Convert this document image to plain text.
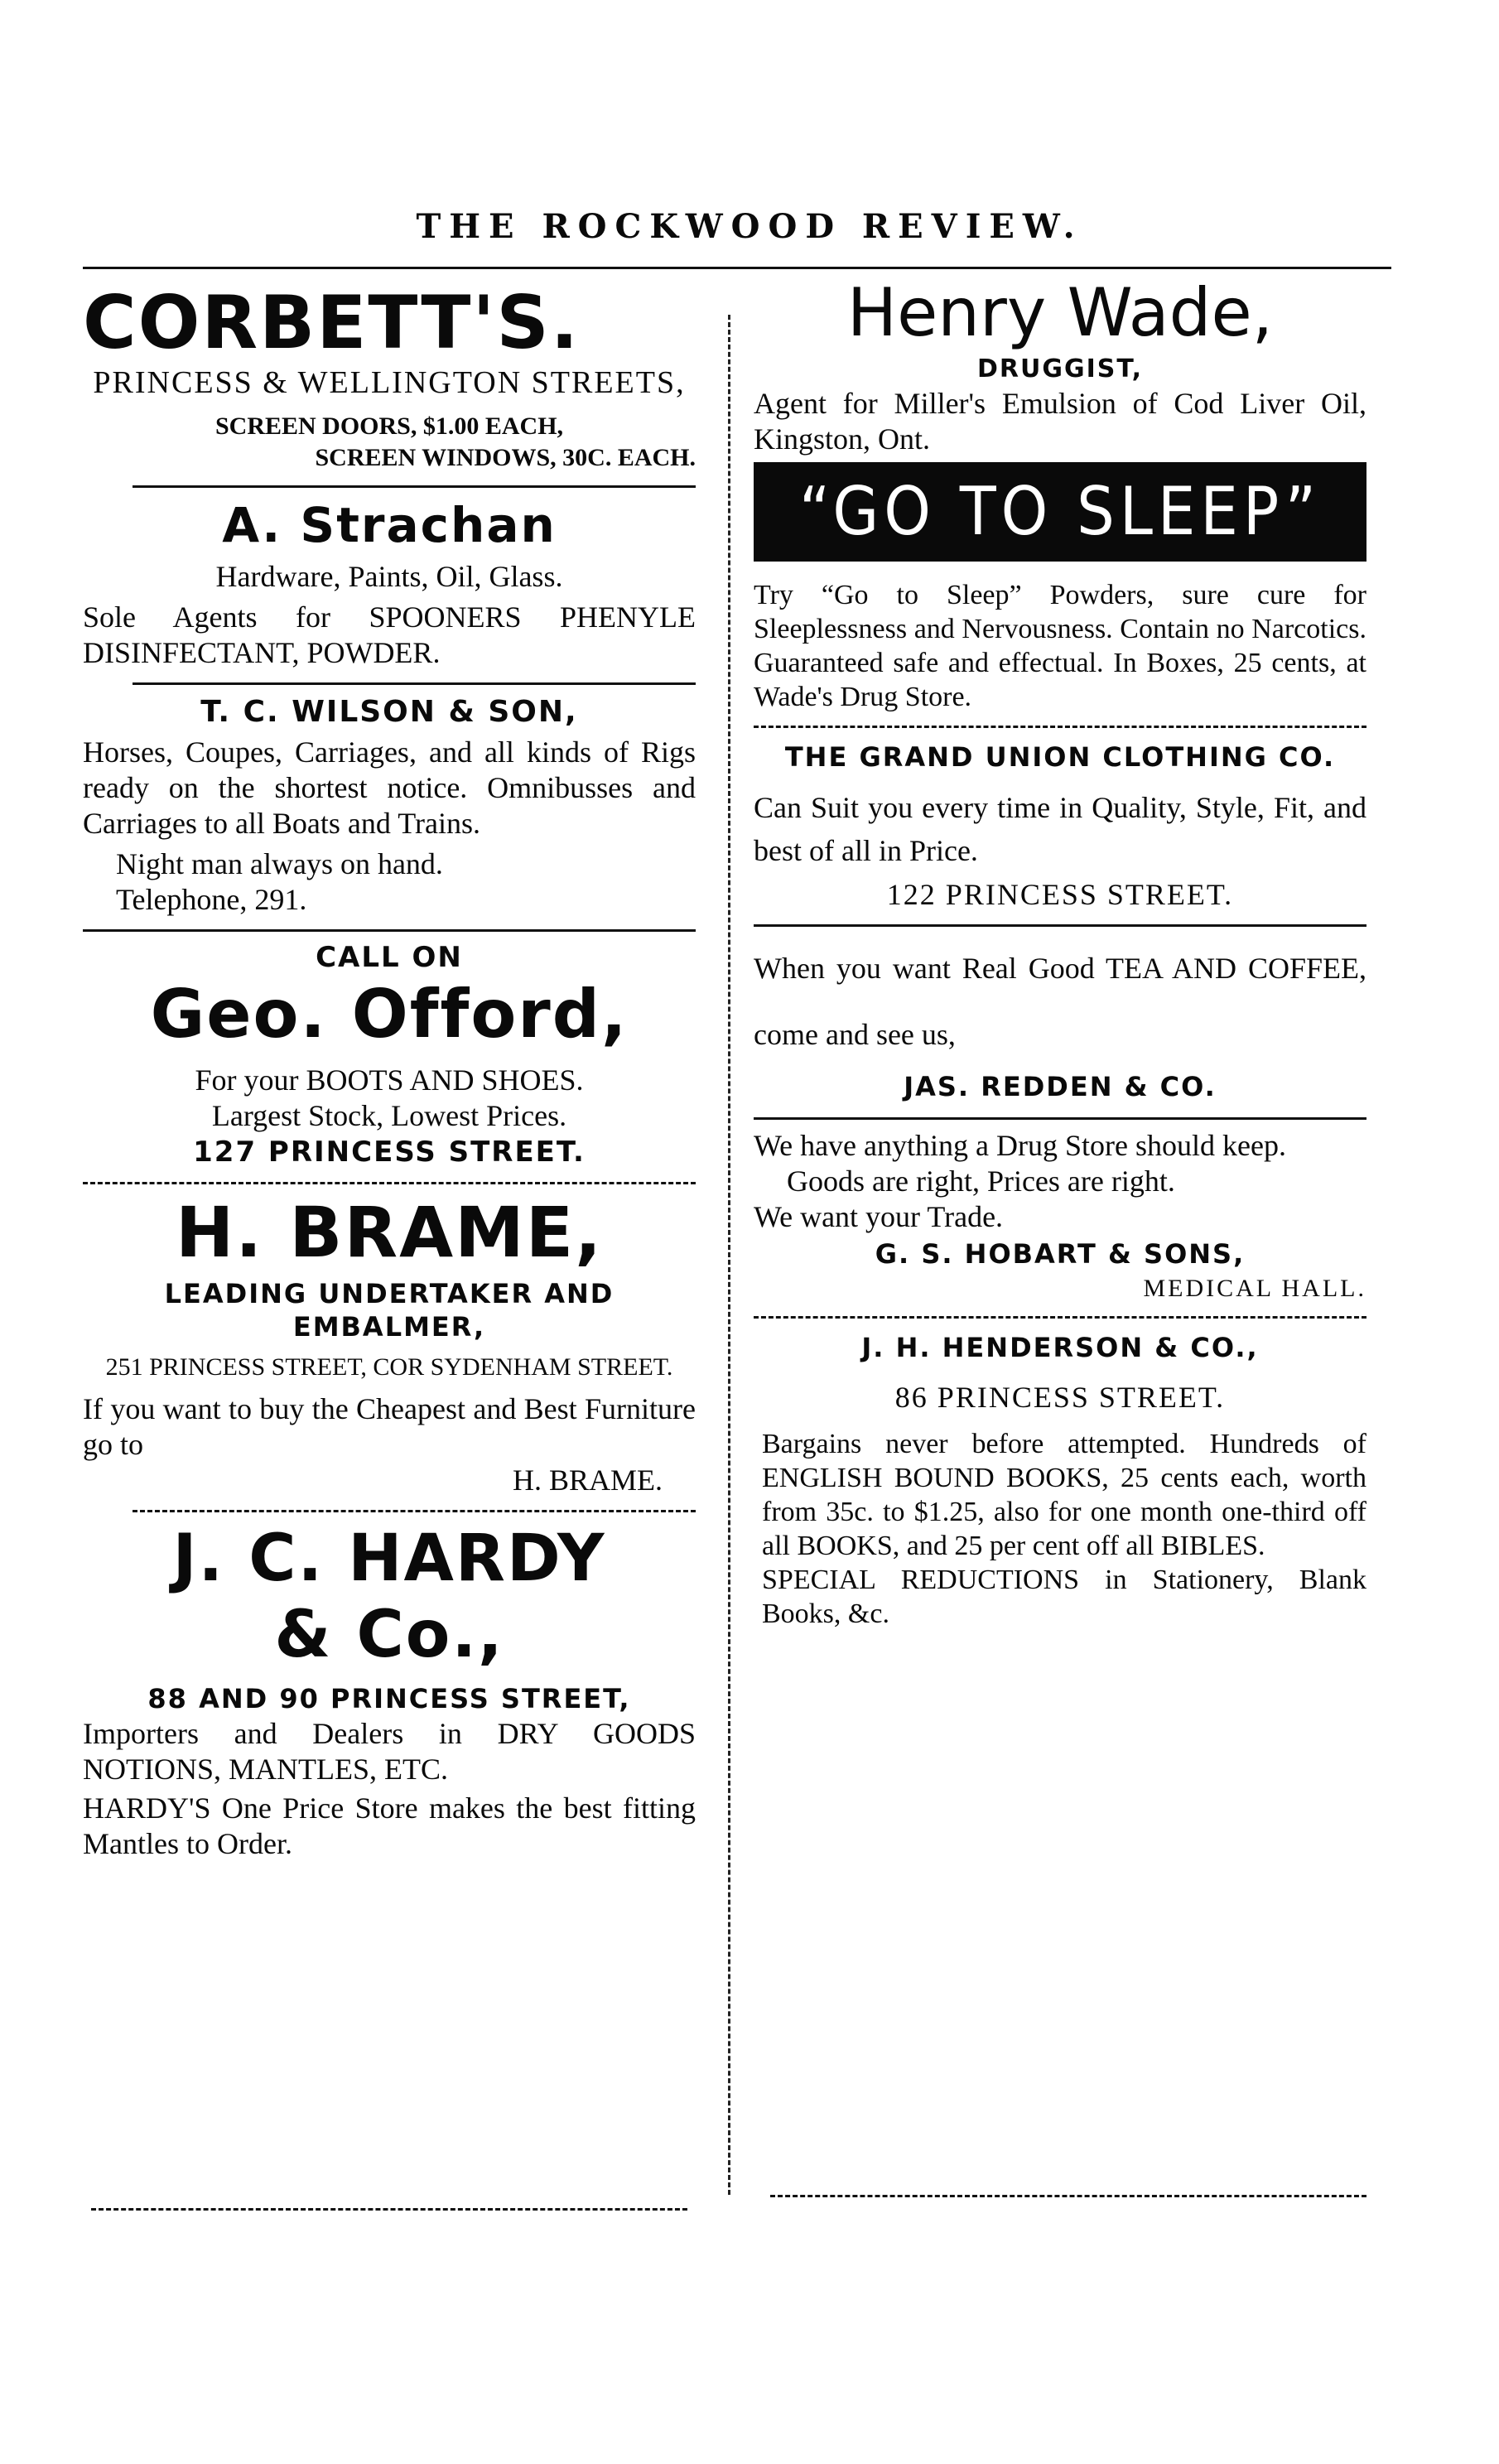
THE ROCKWOOD REVIEW.
CORBETT'S.
PRINCESS & WELLINGTON STREETS,
SCREEN DOORS, $1.00 EACH,
SCREEN WINDOWS, 30C. EACH.
A. Strachan
Hardware, Paints, Oil, Glass.
Sole Agents for SPOONERS PHENYLE DISINFECTANT, POWDER.
T. C. WILSON & SON,
Horses, Coupes, Carriages, and all kinds of Rigs ready on the shortest notice. Omnibusses and Carriages to all Boats and Trains.
Night man always on hand.
Telephone, 291.
CALL ON
Geo. Offord,
For your BOOTS AND SHOES.
Largest Stock, Lowest Prices.
127 PRINCESS STREET.
H. BRAME,
LEADING UNDERTAKER AND EMBALMER,
251 PRINCESS STREET, COR SYDENHAM STREET.
If you want to buy the Cheapest and Best Furniture go to
H. BRAME.
J. C. HARDY
& Co.,
88 AND 90 PRINCESS STREET,
Importers and Dealers in DRY GOODS NOTIONS, MANTLES, ETC.
HARDY'S One Price Store makes the best fitting Mantles to Order.
Henry Wade,
DRUGGIST,
Agent for Miller's Emulsion of Cod Liver Oil, Kingston, Ont.
“GO TO SLEEP”
Try “Go to Sleep” Powders, sure cure for Sleeplessness and Nervousness. Contain no Narcotics. Guaranteed safe and effectual. In Boxes, 25 cents, at Wade's Drug Store.
THE GRAND UNION CLOTHING CO.
Can Suit you every time in Quality, Style, Fit, and best of all in Price.
122 PRINCESS STREET.
When you want Real Good TEA AND COFFEE, come and see us,
JAS. REDDEN & CO.
We have anything a Drug Store should keep.
Goods are right, Prices are right.
We want your Trade.
G. S. HOBART & SONS,
MEDICAL HALL.
J. H. HENDERSON & CO.,
86 PRINCESS STREET.
Bargains never before attempted. Hundreds of ENGLISH BOUND BOOKS, 25 cents each, worth from 35c. to $1.25, also for one month one-third off all BOOKS, and 25 per cent off all BIBLES.
SPECIAL REDUCTIONS in Stationery, Blank Books, &c.
